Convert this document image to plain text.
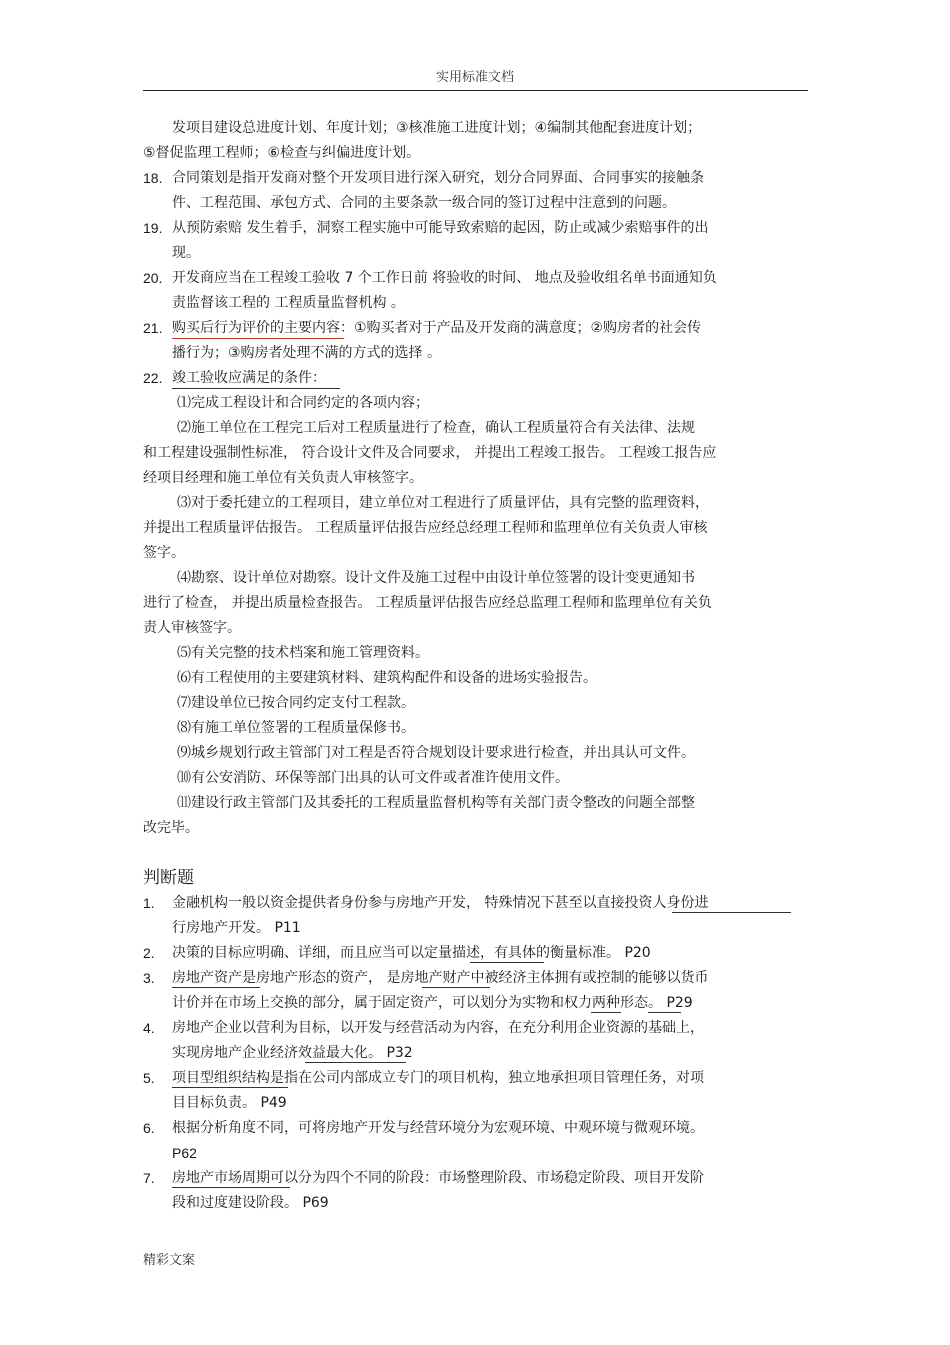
实用标准文档
发项目建设总进度计划、年度计划；③核准施工进度计划；④编制其他配套进度计划；
⑤督促监理工程师；⑥检查与纠偏进度计划。
18. 合同策划是指开发商对整个开发项目进行深入研究，划分合同界面、合同事实的接触条
件、工程范围、承包方式、合同的主要条款一级合同的签订过程中注意到的问题。
19. 从预防索赔 发生着手，洞察工程实施中可能导致索赔的起因，防止或减少索赔事件的出
现。
20. 开发商应当在工程竣工验收 7 个工作日前 将验收的时间、 地点及验收组名单书面通知负
责监督该工程的 工程质量监督机构 。
21. 购买后行为评价的主要内容：①购买者对于产品及开发商的满意度；②购房者的社会传
播行为；③购房者处理不满的方式的选择 。
22. 竣工验收应满足的条件：
⑴完成工程设计和合同约定的各项内容；
⑵施工单位在工程完工后对工程质量进行了检查，确认工程质量符合有关法律、法规
和工程建设强制性标准， 符合设计文件及合同要求， 并提出工程竣工报告。 工程竣工报告应
经项目经理和施工单位有关负责人审核签字。
⑶对于委托建立的工程项目，建立单位对工程进行了质量评估，具有完整的监理资料，
并提出工程质量评估报告。 工程质量评估报告应经总经理工程师和监理单位有关负责人审核
签字。
⑷勘察、设计单位对勘察。设计文件及施工过程中由设计单位签署的设计变更通知书
进行了检查， 并提出质量检查报告。 工程质量评估报告应经总监理工程师和监理单位有关负
责人审核签字。
⑸有关完整的技术档案和施工管理资料。
⑹有工程使用的主要建筑材料、建筑构配件和设备的进场实验报告。
⑺建设单位已按合同约定支付工程款。
⑻有施工单位签署的工程质量保修书。
⑼城乡规划行政主管部门对工程是否符合规划设计要求进行检查，并出具认可文件。
⑽有公安消防、环保等部门出具的认可文件或者准许使用文件。
⑾建设行政主管部门及其委托的工程质量监督机构等有关部门责令整改的问题全部整
改完毕。
判断题
1. 金融机构一般以资金提供者身份参与房地产开发， 特殊情况下甚至以直接投资人身份进
行房地产开发。 P11
2. 决策的目标应明确、详细，而且应当可以定量描述，有具体的衡量标准。 P20
3. 房地产资产是房地产形态的资产， 是房地产财产中被经济主体拥有或控制的能够以货币
计价并在市场上交换的部分，属于固定资产，可以划分为实物和权力两种形态。 P29
4. 房地产企业以营利为目标，以开发与经营活动为内容，在充分利用企业资源的基础上，
实现房地产企业经济效益最大化。 P32
5. 项目型组织结构是指在公司内部成立专门的项目机构，独立地承担项目管理任务，对项
目目标负责。 P49
6. 根据分析角度不同，可将房地产开发与经营环境分为宏观环境、中观环境与微观环境。
P62
7. 房地产市场周期可以分为四个不同的阶段：市场整理阶段、市场稳定阶段、项目开发阶
段和过度建设阶段。 P69
精彩文案
